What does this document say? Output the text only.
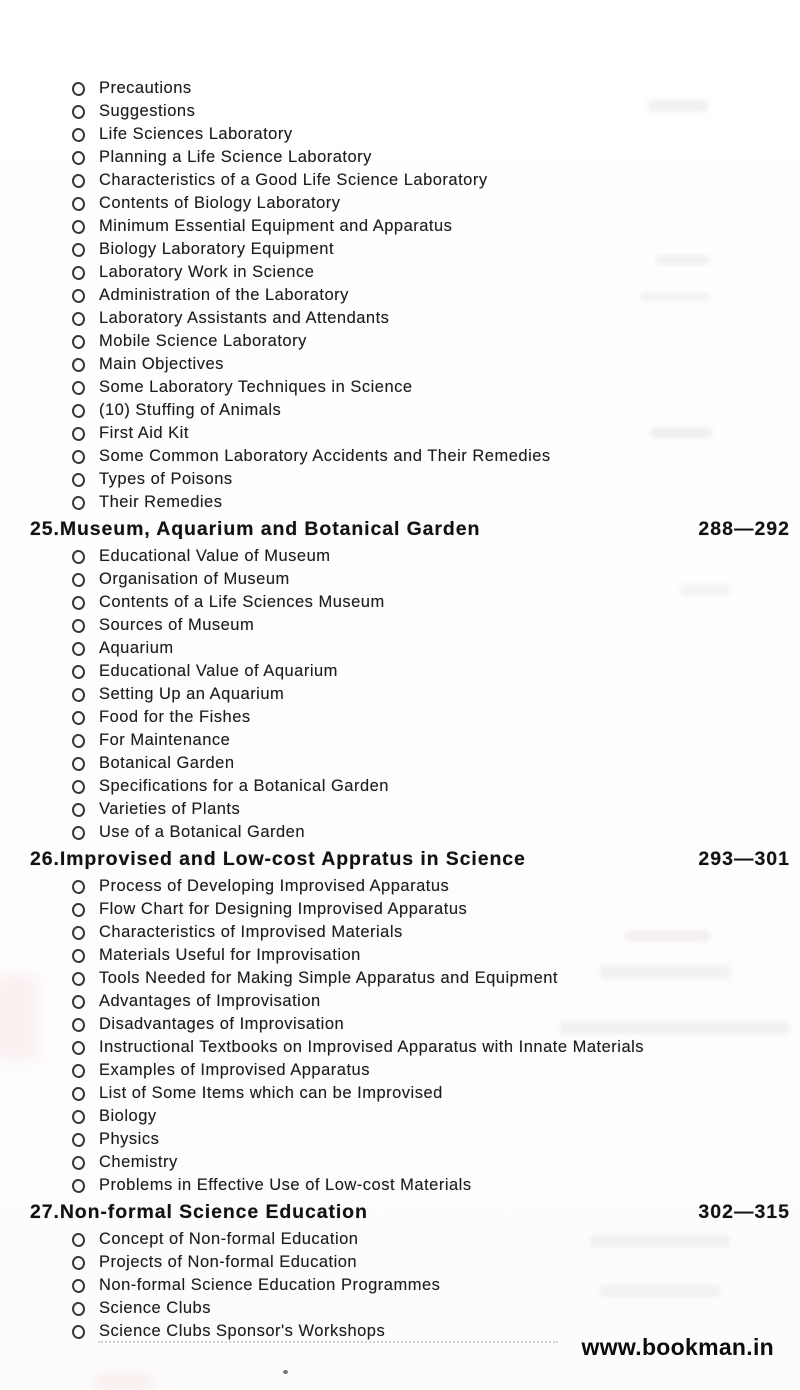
Precautions
Suggestions
Life Sciences Laboratory
Planning a Life Science Laboratory
Characteristics of a Good Life Science Laboratory
Contents of Biology Laboratory
Minimum Essential Equipment and Apparatus
Biology Laboratory Equipment
Laboratory Work in Science
Administration of the Laboratory
Laboratory Assistants and Attendants
Mobile Science Laboratory
Main Objectives
Some Laboratory Techniques in Science
(10) Stuffing of Animals
First Aid Kit
Some Common Laboratory Accidents and Their Remedies
Types of Poisons
Their Remedies
25. Museum, Aquarium and Botanical Garden	288—292
Educational Value of Museum
Organisation of Museum
Contents of a Life Sciences Museum
Sources of Museum
Aquarium
Educational Value of Aquarium
Setting Up an Aquarium
Food for the Fishes
For Maintenance
Botanical Garden
Specifications for a Botanical Garden
Varieties of Plants
Use of a Botanical Garden
26. Improvised and Low-cost Appratus in Science	293—301
Process of Developing Improvised Apparatus
Flow Chart for Designing Improvised Apparatus
Characteristics of Improvised Materials
Materials Useful for Improvisation
Tools Needed for Making Simple Apparatus and Equipment
Advantages of Improvisation
Disadvantages of Improvisation
Instructional Textbooks on Improvised Apparatus with Innate Materials
Examples of Improvised Apparatus
List of Some Items which can be Improvised
Biology
Physics
Chemistry
Problems in Effective Use of Low-cost Materials
27. Non-formal Science Education	302—315
Concept of Non-formal Education
Projects of Non-formal Education
Non-formal Science Education Programmes
Science Clubs
Science Clubs Sponsor's Workshops
www.bookman.in
